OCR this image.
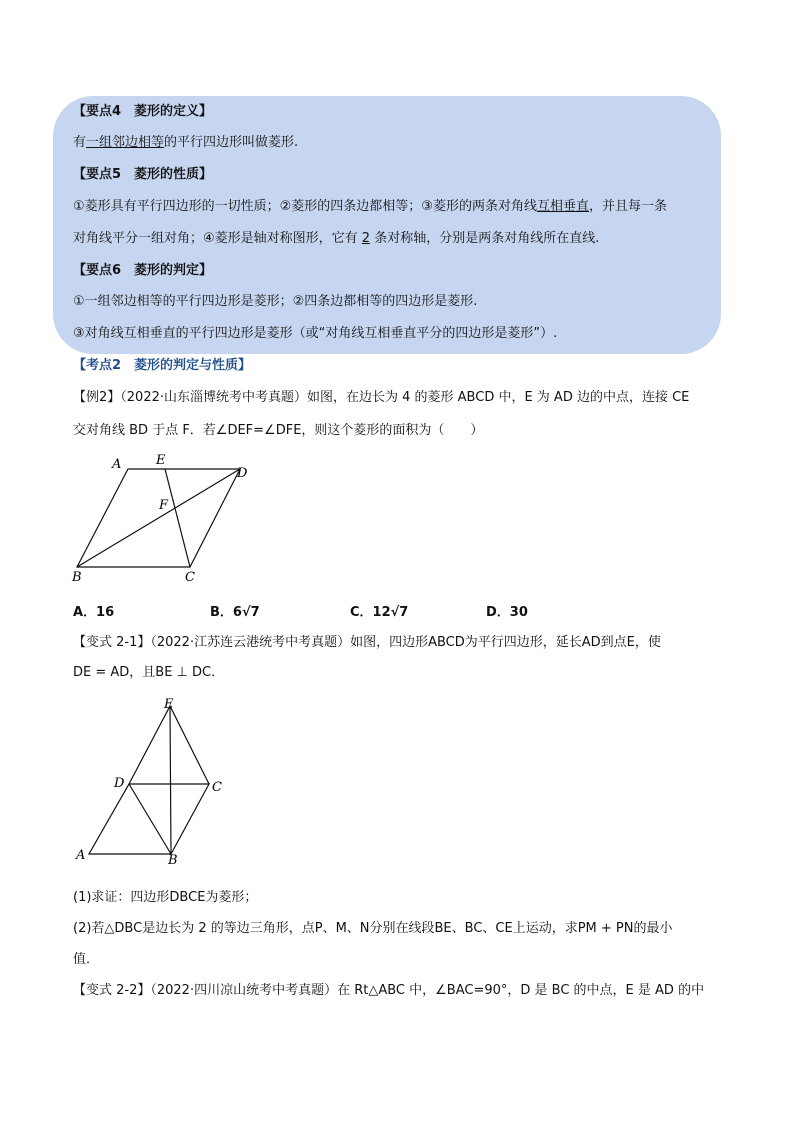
【要点4　菱形的定义】
有一组邻边相等的平行四边形叫做菱形.
【要点5　菱形的性质】
①菱形具有平行四边形的一切性质；②菱形的四条边都相等；③菱形的两条对角线互相垂直，并且每一条
对角线平分一组对角；④菱形是轴对称图形，它有 2 条对称轴，分别是两条对角线所在直线.
【要点6　菱形的判定】
①一组邻边相等的平行四边形是菱形；②四条边都相等的四边形是菱形.
③对角线互相垂直的平行四边形是菱形（或“对角线互相垂直平分的四边形是菱形”）.
【考点2　菱形的判定与性质】
【例2】（2022·山东淄博统考中考真题）如图，在边长为 4 的菱形 ABCD 中，E 为 AD 边的中点，连接 CE
交对角线 BD 于点 F．若∠DEF=∠DFE，则这个菱形的面积为（　　）
A	E
D
F
B	C
A．16	B．6√7	C．12√7	D．30
【变式 2-1】（2022·江苏连云港统考中考真题）如图，四边形ABCD为平行四边形，延长AD到点E，使
DE = AD，且BE ⊥ DC．
E
D	C
A	B
(1)求证：四边形DBCE为菱形；
(2)若△DBC是边长为 2 的等边三角形，点P、M、N分别在线段BE、BC、CE上运动，求PM + PN的最小
值．
【变式 2-2】（2022·四川凉山统考中考真题）在 Rt△ABC 中，∠BAC=90°，D 是 BC 的中点，E 是 AD 的中
